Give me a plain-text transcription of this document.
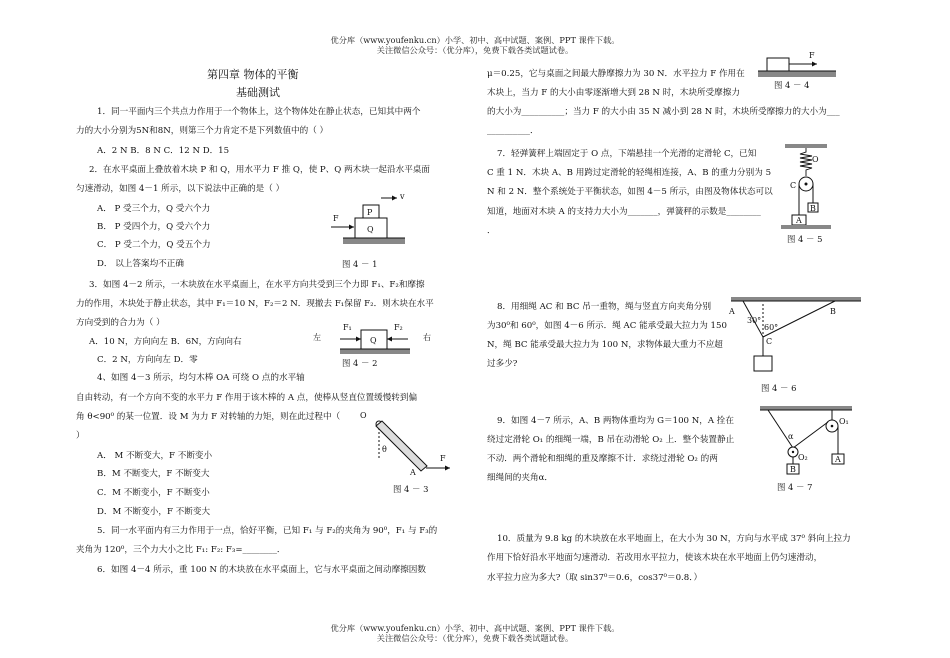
优分库（www.youfenku.cn）小学、初中、高中试题、案例、PPT 课件下载。
关注微信公众号：（优分库），免费下载各类试题试卷。
第四章 物体的平衡
基础测试
1．同一平面内三个共点力作用于一个物体上，这个物体处在静止状态，已知其中两个
力的大小分别为5N和8N，则第三个力肯定不是下列数值中的（ ）
A．2 N B．8 N C．12 N D．15
2．在水平桌面上叠放着木块 P 和 Q，用水平力 F 推 Q，使 P、Q 两木块一起沿水平桌面
匀速滑动，如图 4－1 所示，以下说法中正确的是（ ）
A． P 受三个力，Q 受六个力
B． P 受四个力，Q 受六个力
C． P 受二个力，Q 受五个力
D． 以上答案均不正确
P
Q
F
v
图 4 － 1
3．如图 4－2 所示，一木块放在水平桌面上，在水平方向共受到三个力即 F₁、F₂和摩擦
力的作用，木块处于静止状态，其中 F₁＝10 N，F₂＝2 N．现撤去 F₁保留 F₂．则木块在水平
方向受到的合力为（ ）
A．10 N，方向向左 B．6N，方向向右
C．2 N，方向向左 D．零
左	右
Q
F₁	F₂
图 4 － 2
4、如图 4－3 所示，均匀木棒 OA 可绕 O 点的水平轴
自由转动，有一个方向不变的水平力 F 作用于该木棒的 A 点，使棒从竖直位置缓慢转到偏
角 θ<90⁰ 的某一位置．设 M 为力 F 对转轴的力矩，则在此过程中（
）
A． M 不断变大，F 不断变小
B．M 不断变大，F 不断变大
C．M 不断变小，F 不断变小
D．M 不断变小，F 不断变大
O
θ
A
F
图 4 － 3
5．同一水平面内有三力作用于一点，恰好平衡，已知 F₁ 与 F₂的夹角为 90⁰，F₁ 与 F₃的
夹角为 120⁰，三个力大小之比 F₁: F₂: F₃=________．
6．如图 4－4 所示，重 100 N 的木块放在水平桌面上，它与水平桌面之间动摩擦因数
μ＝0.25，它与桌面之间最大静摩擦力为 30 N．水平拉力 F 作用在
木块上，当力 F 的大小由零逐渐增大到 28 N 时，木块所受摩擦力
的大小为__________；当力 F 的大小由 35 N 减小到 28 N 时，木块所受摩擦力的大小为___
__________．
F
图 4 － 4
7．轻弹簧秤上端固定于 O 点，下端悬挂一个光滑的定滑轮 C，已知
C 重 1 N．木块 A、B 用跨过定滑轮的轻绳相连接，A、B 的重力分别为 5
N 和 2 N．整个系统处于平衡状态，如图 4－5 所示，由图及物体状态可以
知道，地面对木块 A 的支持力大小为_______，弹簧秤的示数是________
．
O
C
B
A
图 4 － 5
8．用细绳 AC 和 BC 吊一重物，绳与竖直方向夹角分别
为30⁰和 60⁰，如图 4－6 所示．绳 AC 能承受最大拉力为 150
N，绳 BC 能承受最大拉力为 100 N，求物体最大重力不应超
过多少?
A	B
30°
60°
C
图 4 － 6
9．如图 4－7 所示，A、B 两物体重均为 G＝100 N，A 拴在
绕过定滑轮 O₁ 的细绳一端，B 吊在动滑轮 O₂ 上．整个装置静止
不动．两个滑轮和细绳的重及摩擦不计．求绕过滑轮 O₂ 的两
细绳间的夹角α．
O₁
α
O₂
B
A
图 4 － 7
10．质量为 9.8 kg 的木块放在水平地面上，在大小为 30 N，方向与水平成 37⁰ 斜向上拉力
作用下恰好沿水平地面匀速滑动．若改用水平拉力，使该木块在水平地面上仍匀速滑动，
水平拉力应为多大?（取 sin37⁰＝0.6，cos37⁰＝0.8．）
优分库（www.youfenku.cn）小学、初中、高中试题、案例、PPT 课件下载。
关注微信公众号：（优分库），免费下载各类试题试卷。
